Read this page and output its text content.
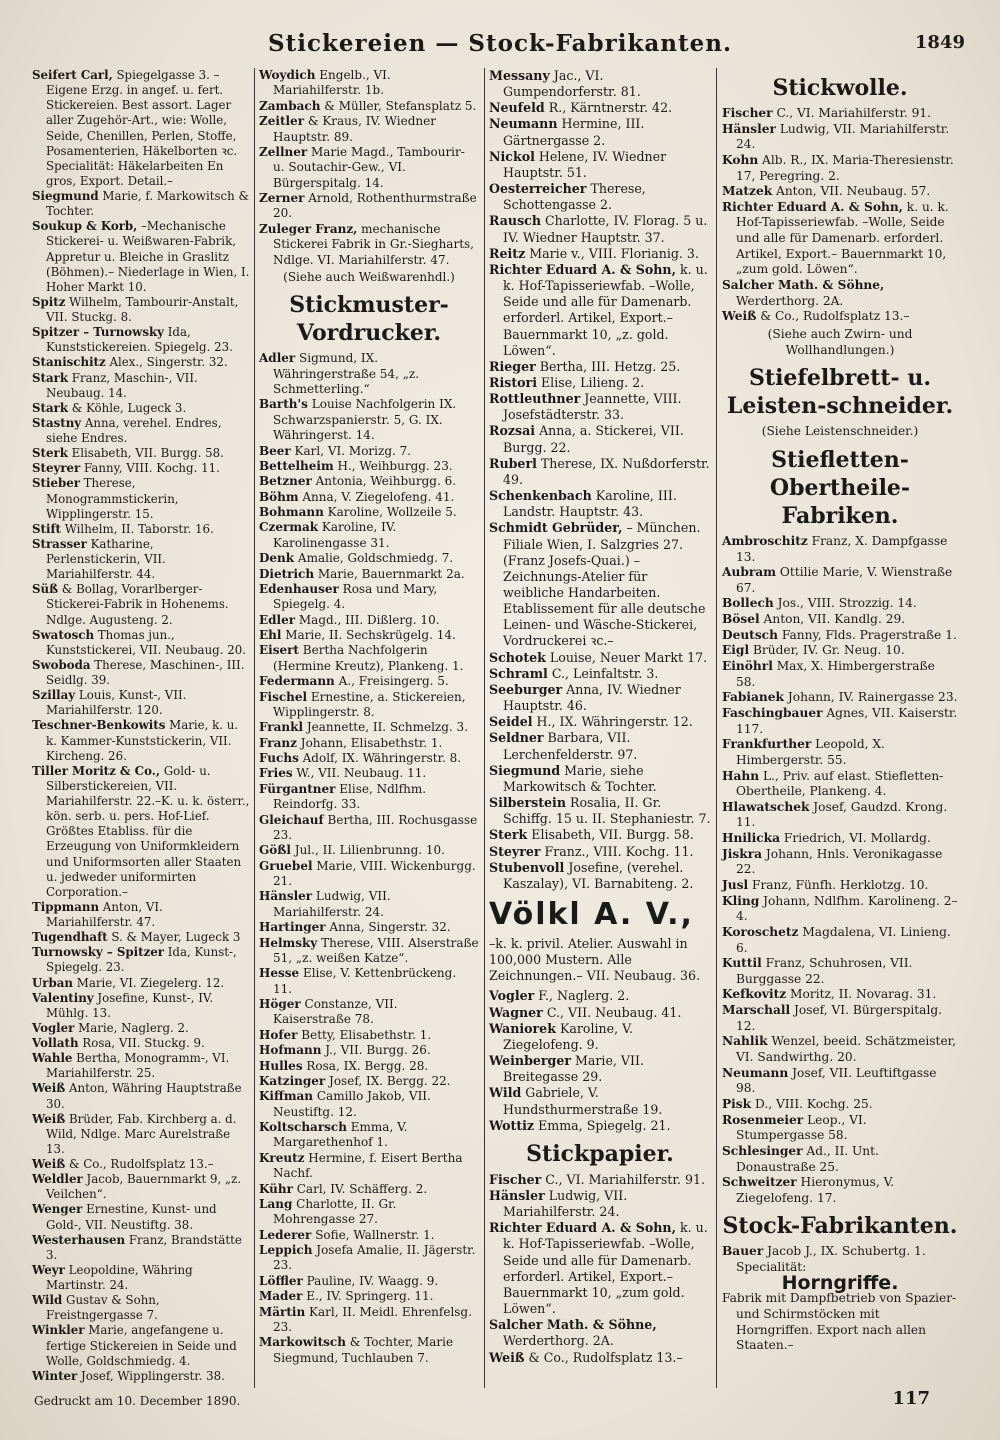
Stickereien — Stock-Fabrikanten.	1849

Seifert Carl, Spiegelgasse 3. –Eigene Erzg. in angef. u. fert. Stickereien. Best assort. Lager aller Zugehör-Art., wie: Wolle, Seide, Chenillen, Perlen, Stoffe, Posamenterien, Häkelborten ꝛc. Specialität: Häkelarbeiten En gros, Export. Detail.–

Siegmund Marie, f. Markowitsch & Tochter.

Soukup & Korb, –Mechanische Stickerei- u. Weißwaren-Fabrik, Appretur u. Bleiche in Graslitz (Böhmen).– Niederlage in Wien, I. Hoher Markt 10.

Spitz Wilhelm, Tambourir-Anstalt, VII. Stuckg. 8.

Spitzer – Turnowsky Ida, Kunststickereien. Spiegelg. 23.

Stanischitz Alex., Singerstr. 32.

Stark Franz, Maschin-, VII. Neubaug. 14.

Stark & Köhle, Lugeck 3.

Stastny Anna, verehel. Endres, siehe Endres.

Sterk Elisabeth, VII. Burgg. 58.

Steyrer Fanny, VIII. Kochg. 11.

Stieber Therese, Monogrammstickerin, Wipplingerstr. 15.

Stift Wilhelm, II. Taborstr. 16.

Strasser Katharine, Perlenstickerin, VII. Mariahilferstr. 44.

Süß & Bollag, Vorarlberger-Stickerei-Fabrik in Hohenems. Ndlge. Augusteng. 2.

Swatosch Thomas jun., Kunststickerei, VII. Neubaug. 20.

Swoboda Therese, Maschinen-, III. Seidlg. 39.

Szillay Louis, Kunst-, VII. Mariahilferstr. 120.

Teschner-Benkowits Marie, k. u. k. Kammer-Kunststickerin, VII. Kircheng. 26.

Tiller Moritz & Co., Gold- u. Silberstickereien, VII. Mariahilferstr. 22.–K. u. k. österr., kön. serb. u. pers. Hof-Lief. Größtes Etabliss. für die Erzeugung von Uniformkleidern und Uniformsorten aller Staaten u. jedweder uniformirten Corporation.–

Tippmann Anton, VI. Mariahilferstr. 47.

Tugendhaft S. & Mayer, Lugeck 3

Turnowsky – Spitzer Ida, Kunst-, Spiegelg. 23.

Urban Marie, VI. Ziegelerg. 12.

Valentiny Josefine, Kunst-, IV. Mühlg. 13.

Vogler Marie, Naglerg. 2.

Vollath Rosa, VII. Stuckg. 9.

Wahle Bertha, Monogramm-, VI. Mariahilferstr. 25.

Weiß Anton, Währing Hauptstraße 30.

Weiß Brüder, Fab. Kirchberg a. d. Wild, Ndlge. Marc Aurelstraße 13.

Weiß & Co., Rudolfsplatz 13.–

Weldler Jacob, Bauernmarkt 9, „z. Veilchen“.

Wenger Ernestine, Kunst- und Gold-, VII. Neustiftg. 38.

Westerhausen Franz, Brandstätte 3.

Weyr Leopoldine, Währing Martinstr. 24.

Wild Gustav & Sohn, Freistngergasse 7.

Winkler Marie, angefangene u. fertige Stickereien in Seide und Wolle, Goldschmiedg. 4.

Winter Josef, Wipplingerstr. 38.

Woydich Engelb., VI. Mariahilferstr. 1b.

Zambach & Müller, Stefansplatz 5.

Zeitler & Kraus, IV. Wiedner Hauptstr. 89.

Zellner Marie Magd., Tambourir- u. Soutachir-Gew., VI. Bürgerspitalg. 14.

Zerner Arnold, Rothenthurmstraße 20.

Zuleger Franz, mechanische Stickerei Fabrik in Gr.-Siegharts, Ndlge. VI. Mariahilferstr. 47.

(Siehe auch Weißwarenhdl.)
Stickmuster-Vordrucker.

Adler Sigmund, IX. Währingerstraße 54, „z. Schmetterling.“

Barth's Louise Nachfolgerin IX. Schwarzspanierstr. 5, G. IX. Währingerst. 14.

Beer Karl, VI. Morizg. 7.

Bettelheim H., Weihburgg. 23.

Betzner Antonia, Weihburgg. 6.

Böhm Anna, V. Ziegelofeng. 41.

Bohmann Karoline, Wollzeile 5.

Czermak Karoline, IV. Karolinengasse 31.

Denk Amalie, Goldschmiedg. 7.

Dietrich Marie, Bauernmarkt 2a.

Edenhauser Rosa und Mary, Spiegelg. 4.

Edler Magd., III. Dißlerg. 10.

Ehl Marie, II. Sechskrügelg. 14.

Eisert Bertha Nachfolgerin (Hermine Kreutz), Plankeng. 1.

Federmann A., Freisingerg. 5.

Fischel Ernestine, a. Stickereien, Wipplingerstr. 8.

Frankl Jeannette, II. Schmelzg. 3.

Franz Johann, Elisabethstr. 1.

Fuchs Adolf, IX. Währingerstr. 8.

Fries W., VII. Neubaug. 11.

Fürgantner Elise, Ndlfhm. Reindorfg. 33.

Gleichauf Bertha, III. Rochusgasse 23.

Gößl Jul., II. Lilienbrunng. 10.

Gruebel Marie, VIII. Wickenburgg. 21.

Hänsler Ludwig, VII. Mariahilferstr. 24.

Hartinger Anna, Singerstr. 32.

Helmsky Therese, VIII. Alserstraße 51, „z. weißen Katze“.

Hesse Elise, V. Kettenbrückeng. 11.

Höger Constanze, VII. Kaiserstraße 78.

Hofer Betty, Elisabethstr. 1.

Hofmann J., VII. Burgg. 26.

Hulles Rosa, IX. Bergg. 28.

Katzinger Josef, IX. Bergg. 22.

Kiffman Camillo Jakob, VII. Neustiftg. 12.

Koltscharsch Emma, V. Margarethenhof 1.

Kreutz Hermine, f. Eisert Bertha Nachf.

Kühr Carl, IV. Schäfferg. 2.

Lang Charlotte, II. Gr. Mohrengasse 27.

Lederer Sofie, Wallnerstr. 1.

Leppich Josefa Amalie, II. Jägerstr. 23.

Löffler Pauline, IV. Waagg. 9.

Mader E., IV. Springerg. 11.

Märtin Karl, II. Meidl. Ehrenfelsg. 23.

Markowitsch & Tochter, Marie Siegmund, Tuchlauben 7.

Messany Jac., VI. Gumpendorferstr. 81.

Neufeld R., Kärntnerstr. 42.

Neumann Hermine, III. Gärtnergasse 2.

Nickol Helene, IV. Wiedner Hauptstr. 51.

Oesterreicher Therese, Schottengasse 2.

Rausch Charlotte, IV. Florag. 5 u. IV. Wiedner Hauptstr. 37.

Reitz Marie v., VIII. Florianig. 3.

Richter Eduard A. & Sohn, k. u. k. Hof-Tapisseriewfab. –Wolle, Seide und alle für Damenarb. erforderl. Artikel, Export.– Bauernmarkt 10, „z. gold. Löwen“.

Rieger Bertha, III. Hetzg. 25.

Ristori Elise, Lilieng. 2.

Rottleuthner Jeannette, VIII. Josefstädterstr. 33.

Rozsai Anna, a. Stickerei, VII. Burgg. 22.

Ruberl Therese, IX. Nußdorferstr. 49.

Schenkenbach Karoline, III. Landstr. Hauptstr. 43.

Schmidt Gebrüder, – München. Filiale Wien, I. Salzgries 27. (Franz Josefs-Quai.) –Zeichnungs-Atelier für weibliche Handarbeiten. Etablissement für alle deutsche Leinen- und Wäsche-Stickerei, Vordruckerei ꝛc.–

Schotek Louise, Neuer Markt 17.

Schraml C., Leinfaltstr. 3.

Seeburger Anna, IV. Wiedner Hauptstr. 46.

Seidel H., IX. Währingerstr. 12.

Seldner Barbara, VII. Lerchenfelderstr. 97.

Siegmund Marie, siehe Markowitsch & Tochter.

Silberstein Rosalia, II. Gr. Schiffg. 15 u. II. Stephaniestr. 7.

Sterk Elisabeth, VII. Burgg. 58.

Steyrer Franz., VIII. Kochg. 11.

Stubenvoll Josefine, (verehel. Kaszalay), VI. Barnabiteng. 2.

Völkl A. V.,
–k. k. privil. Atelier. Auswahl in 100,000 Mustern. Alle Zeichnungen.– VII. Neubaug. 36.

Vogler F., Naglerg. 2.

Wagner C., VII. Neubaug. 41.

Waniorek Karoline, V. Ziegelofeng. 9.

Weinberger Marie, VII. Breitegasse 29.

Wild Gabriele, V. Hundsthurmerstraße 19.

Wottiz Emma, Spiegelg. 21.

Stickpapier.

Fischer C., VI. Mariahilferstr. 91.

Hänsler Ludwig, VII. Mariahilferstr. 24.

Richter Eduard A. & Sohn, k. u. k. Hof-Tapisseriewfab. –Wolle, Seide und alle für Damenarb. erforderl. Artikel, Export.– Bauernmarkt 10, „zum gold. Löwen“.

Salcher Math. & Söhne, Werderthorg. 2A.

Weiß & Co., Rudolfsplatz 13.–

Stickwolle.

Fischer C., VI. Mariahilferstr. 91.

Hänsler Ludwig, VII. Mariahilferstr. 24.

Kohn Alb. R., IX. Maria-Theresienstr. 17, Peregring. 2.

Matzek Anton, VII. Neubaug. 57.

Richter Eduard A. & Sohn, k. u. k. Hof-Tapisseriewfab. –Wolle, Seide und alle für Damenarb. erforderl. Artikel, Export.– Bauernmarkt 10, „zum gold. Löwen“.

Salcher Math. & Söhne, Werderthorg. 2A.

Weiß & Co., Rudolfsplatz 13.–

(Siehe auch Zwirn- und Wollhandlungen.)
Stiefelbrett- u. Leisten-schneider.
(Siehe Leistenschneider.)
Stiefletten-Obertheile-Fabriken.

Ambroschitz Franz, X. Dampfgasse 13.

Aubram Ottilie Marie, V. Wienstraße 67.

Bollech Jos., VIII. Strozzig. 14.

Bösel Anton, VII. Kandlg. 29.

Deutsch Fanny, Flds. Pragerstraße 1.

Eigl Brüder, IV. Gr. Neug. 10.

Einöhrl Max, X. Himbergerstraße 58.

Fabianek Johann, IV. Rainergasse 23.

Faschingbauer Agnes, VII. Kaiserstr. 117.

Frankfurther Leopold, X. Himbergerstr. 55.

Hahn L., Priv. auf elast. Stiefletten-Obertheile, Plankeng. 4.

Hlawatschek Josef, Gaudzd. Krong. 11.

Hnilicka Friedrich, VI. Mollardg.

Jiskra Johann, Hnls. Veronikagasse 22.

Jusl Franz, Fünfh. Herklotzg. 10.

Kling Johann, Ndlfhm. Karolineng. 2–4.

Koroschetz Magdalena, VI. Linieng. 6.

Kuttil Franz, Schuhrosen, VII. Burggasse 22.

Kefkovitz Moritz, II. Novarag. 31.

Marschall Josef, VI. Bürgerspitalg. 12.

Nahlik Wenzel, beeid. Schätzmeister, VI. Sandwirthg. 20.

Neumann Josef, VII. Leuftiftgasse 98.

Pisk D., VIII. Kochg. 25.

Rosenmeier Leop., VI. Stumpergasse 58.

Schlesinger Ad., II. Unt. Donaustraße 25.

Schweitzer Hieronymus, V. Ziegelofeng. 17.

Stock-Fabrikanten.

Bauer Jacob J., IX. Schubertg. 1. Specialität:

Horngriffe.

Fabrik mit Dampfbetrieb von Spazier- und Schirmstöcken mit Horngriffen. Export nach allen Staaten.–

Gedruckt am 10. December 1890.	117
